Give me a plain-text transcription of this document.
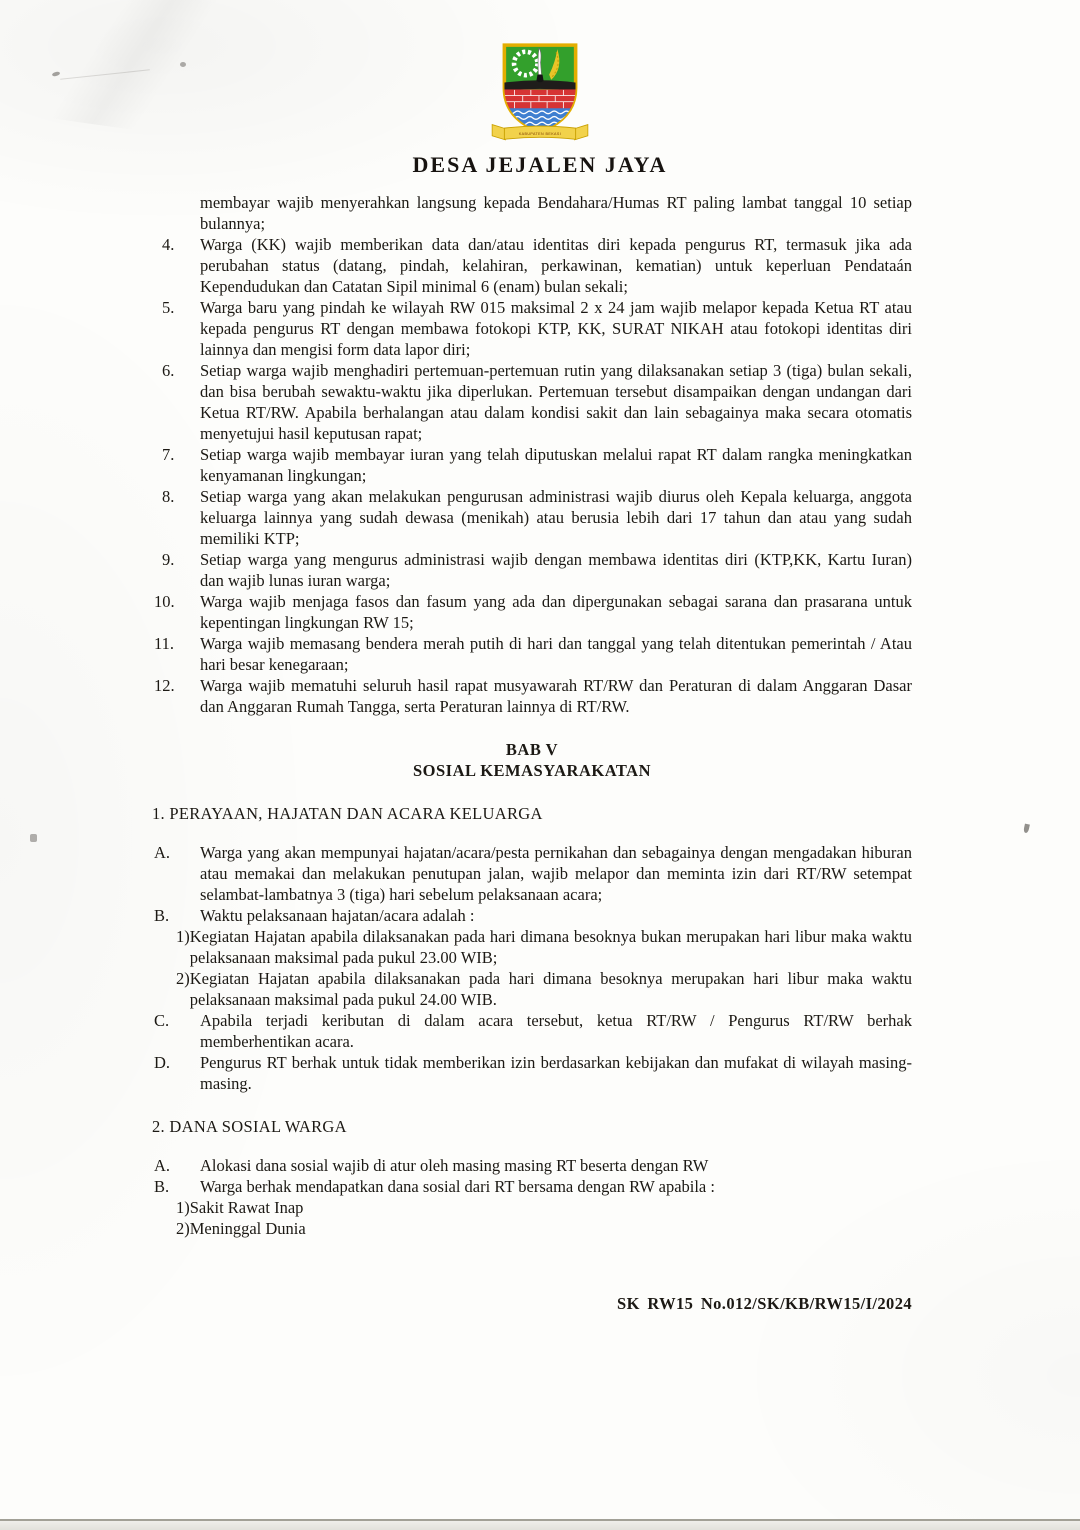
KABUPATEN BEKASI
DESA JEJALEN JAYA
membayar wajib menyerahkan langsung kepada Bendahara/Humas RT paling lambat tanggal 10 setiap bulannya;
4.	Warga (KK) wajib memberikan data dan/atau identitas diri kepada pengurus RT, termasuk jika ada perubahan status (datang, pindah, kelahiran, perkawinan, kematian) untuk keperluan Pendataán Kependudukan dan Catatan Sipil minimal 6 (enam) bulan sekali;
5.	Warga baru yang pindah ke wilayah RW 015 maksimal 2 x 24 jam wajib melapor kepada Ketua RT atau kepada pengurus RT dengan membawa fotokopi KTP, KK, SURAT NIKAH atau fotokopi identitas diri lainnya dan mengisi form data lapor diri;
6.	Setiap warga wajib menghadiri pertemuan-pertemuan rutin yang dilaksanakan setiap 3 (tiga) bulan sekali, dan bisa berubah sewaktu-waktu jika diperlukan. Pertemuan tersebut disampaikan dengan undangan dari Ketua RT/RW. Apabila berhalangan atau dalam kondisi sakit dan lain sebagainya maka secara otomatis menyetujui hasil keputusan rapat;
7.	Setiap warga wajib membayar iuran yang telah diputuskan melalui rapat RT dalam rangka meningkatkan kenyamanan lingkungan;
8.	Setiap warga yang akan melakukan pengurusan administrasi wajib diurus oleh Kepala keluarga, anggota keluarga lainnya yang sudah dewasa (menikah) atau berusia lebih dari 17 tahun dan atau yang sudah memiliki KTP;
9.	Setiap warga yang mengurus administrasi wajib dengan membawa identitas diri (KTP,KK, Kartu Iuran) dan wajib lunas iuran warga;
10.	Warga wajib menjaga fasos dan fasum yang ada dan dipergunakan sebagai sarana dan prasarana untuk kepentingan lingkungan RW 15;
11.	Warga wajib memasang bendera merah putih di hari dan tanggal yang telah ditentukan pemerintah / Atau hari besar kenegaraan;
12.	Warga wajib mematuhi seluruh hasil rapat musyawarah RT/RW dan Peraturan di dalam Anggaran Dasar dan Anggaran Rumah Tangga, serta Peraturan lainnya di RT/RW.
BAB V
SOSIAL KEMASYARAKATAN
1. PERAYAAN, HAJATAN DAN ACARA KELUARGA
A.	Warga yang akan mempunyai hajatan/acara/pesta pernikahan dan sebagainya dengan mengadakan hiburan atau memakai dan melakukan penutupan jalan, wajib melapor dan meminta izin dari RT/RW setempat selambat-lambatnya 3 (tiga) hari sebelum pelaksanaan acara;
B.	Waktu pelaksanaan hajatan/acara adalah :
1) Kegiatan Hajatan apabila dilaksanakan pada hari dimana besoknya bukan merupakan hari libur maka waktu pelaksanaan maksimal pada pukul 23.00 WIB;
2) Kegiatan Hajatan apabila dilaksanakan pada hari dimana besoknya merupakan hari libur maka waktu pelaksanaan maksimal pada pukul 24.00 WIB.
C.	Apabila terjadi keributan di dalam acara tersebut, ketua RT/RW / Pengurus RT/RW berhak memberhentikan acara.
D.	Pengurus RT berhak untuk tidak memberikan izin berdasarkan kebijakan dan mufakat di wilayah masing-masing.
2. DANA SOSIAL WARGA
A.	Alokasi dana sosial wajib di atur oleh masing masing RT beserta dengan RW
B.	Warga berhak mendapatkan dana sosial dari RT bersama dengan RW apabila :
1) Sakit Rawat Inap
2) Meninggal Dunia
SK RW15 No.012/SK/KB/RW15/I/2024
